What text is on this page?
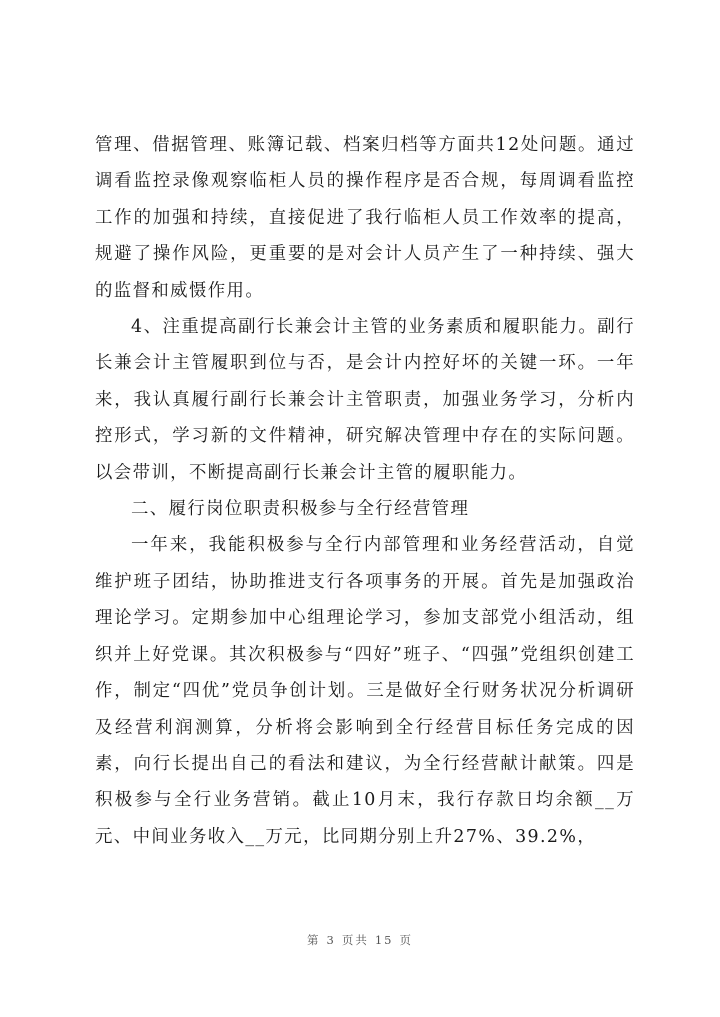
管理、借据管理、账簿记载、档案归档等方面共12处问题。通过调看监控录像观察临柜人员的操作程序是否合规，每周调看监控工作的加强和持续，直接促进了我行临柜人员工作效率的提高，规避了操作风险，更重要的是对会计人员产生了一种持续、强大的监督和威慑作用。

4、注重提高副行长兼会计主管的业务素质和履职能力。副行长兼会计主管履职到位与否，是会计内控好坏的关键一环。一年来，我认真履行副行长兼会计主管职责，加强业务学习，分析内控形式，学习新的文件精神，研究解决管理中存在的实际问题。以会带训，不断提高副行长兼会计主管的履职能力。

二、履行岗位职责积极参与全行经营管理

一年来，我能积极参与全行内部管理和业务经营活动，自觉维护班子团结，协助推进支行各项事务的开展。首先是加强政治理论学习。定期参加中心组理论学习，参加支部党小组活动，组织并上好党课。其次积极参与“四好”班子、“四强”党组织创建工作，制定“四优”党员争创计划。三是做好全行财务状况分析调研及经营利润测算，分析将会影响到全行经营目标任务完成的因素，向行长提出自己的看法和建议，为全行经营献计献策。四是积极参与全行业务营销。截止10月末，我行存款日均余额__万元、中间业务收入__万元，比同期分别上升27%、39.2%，

第 3 页共 15 页
